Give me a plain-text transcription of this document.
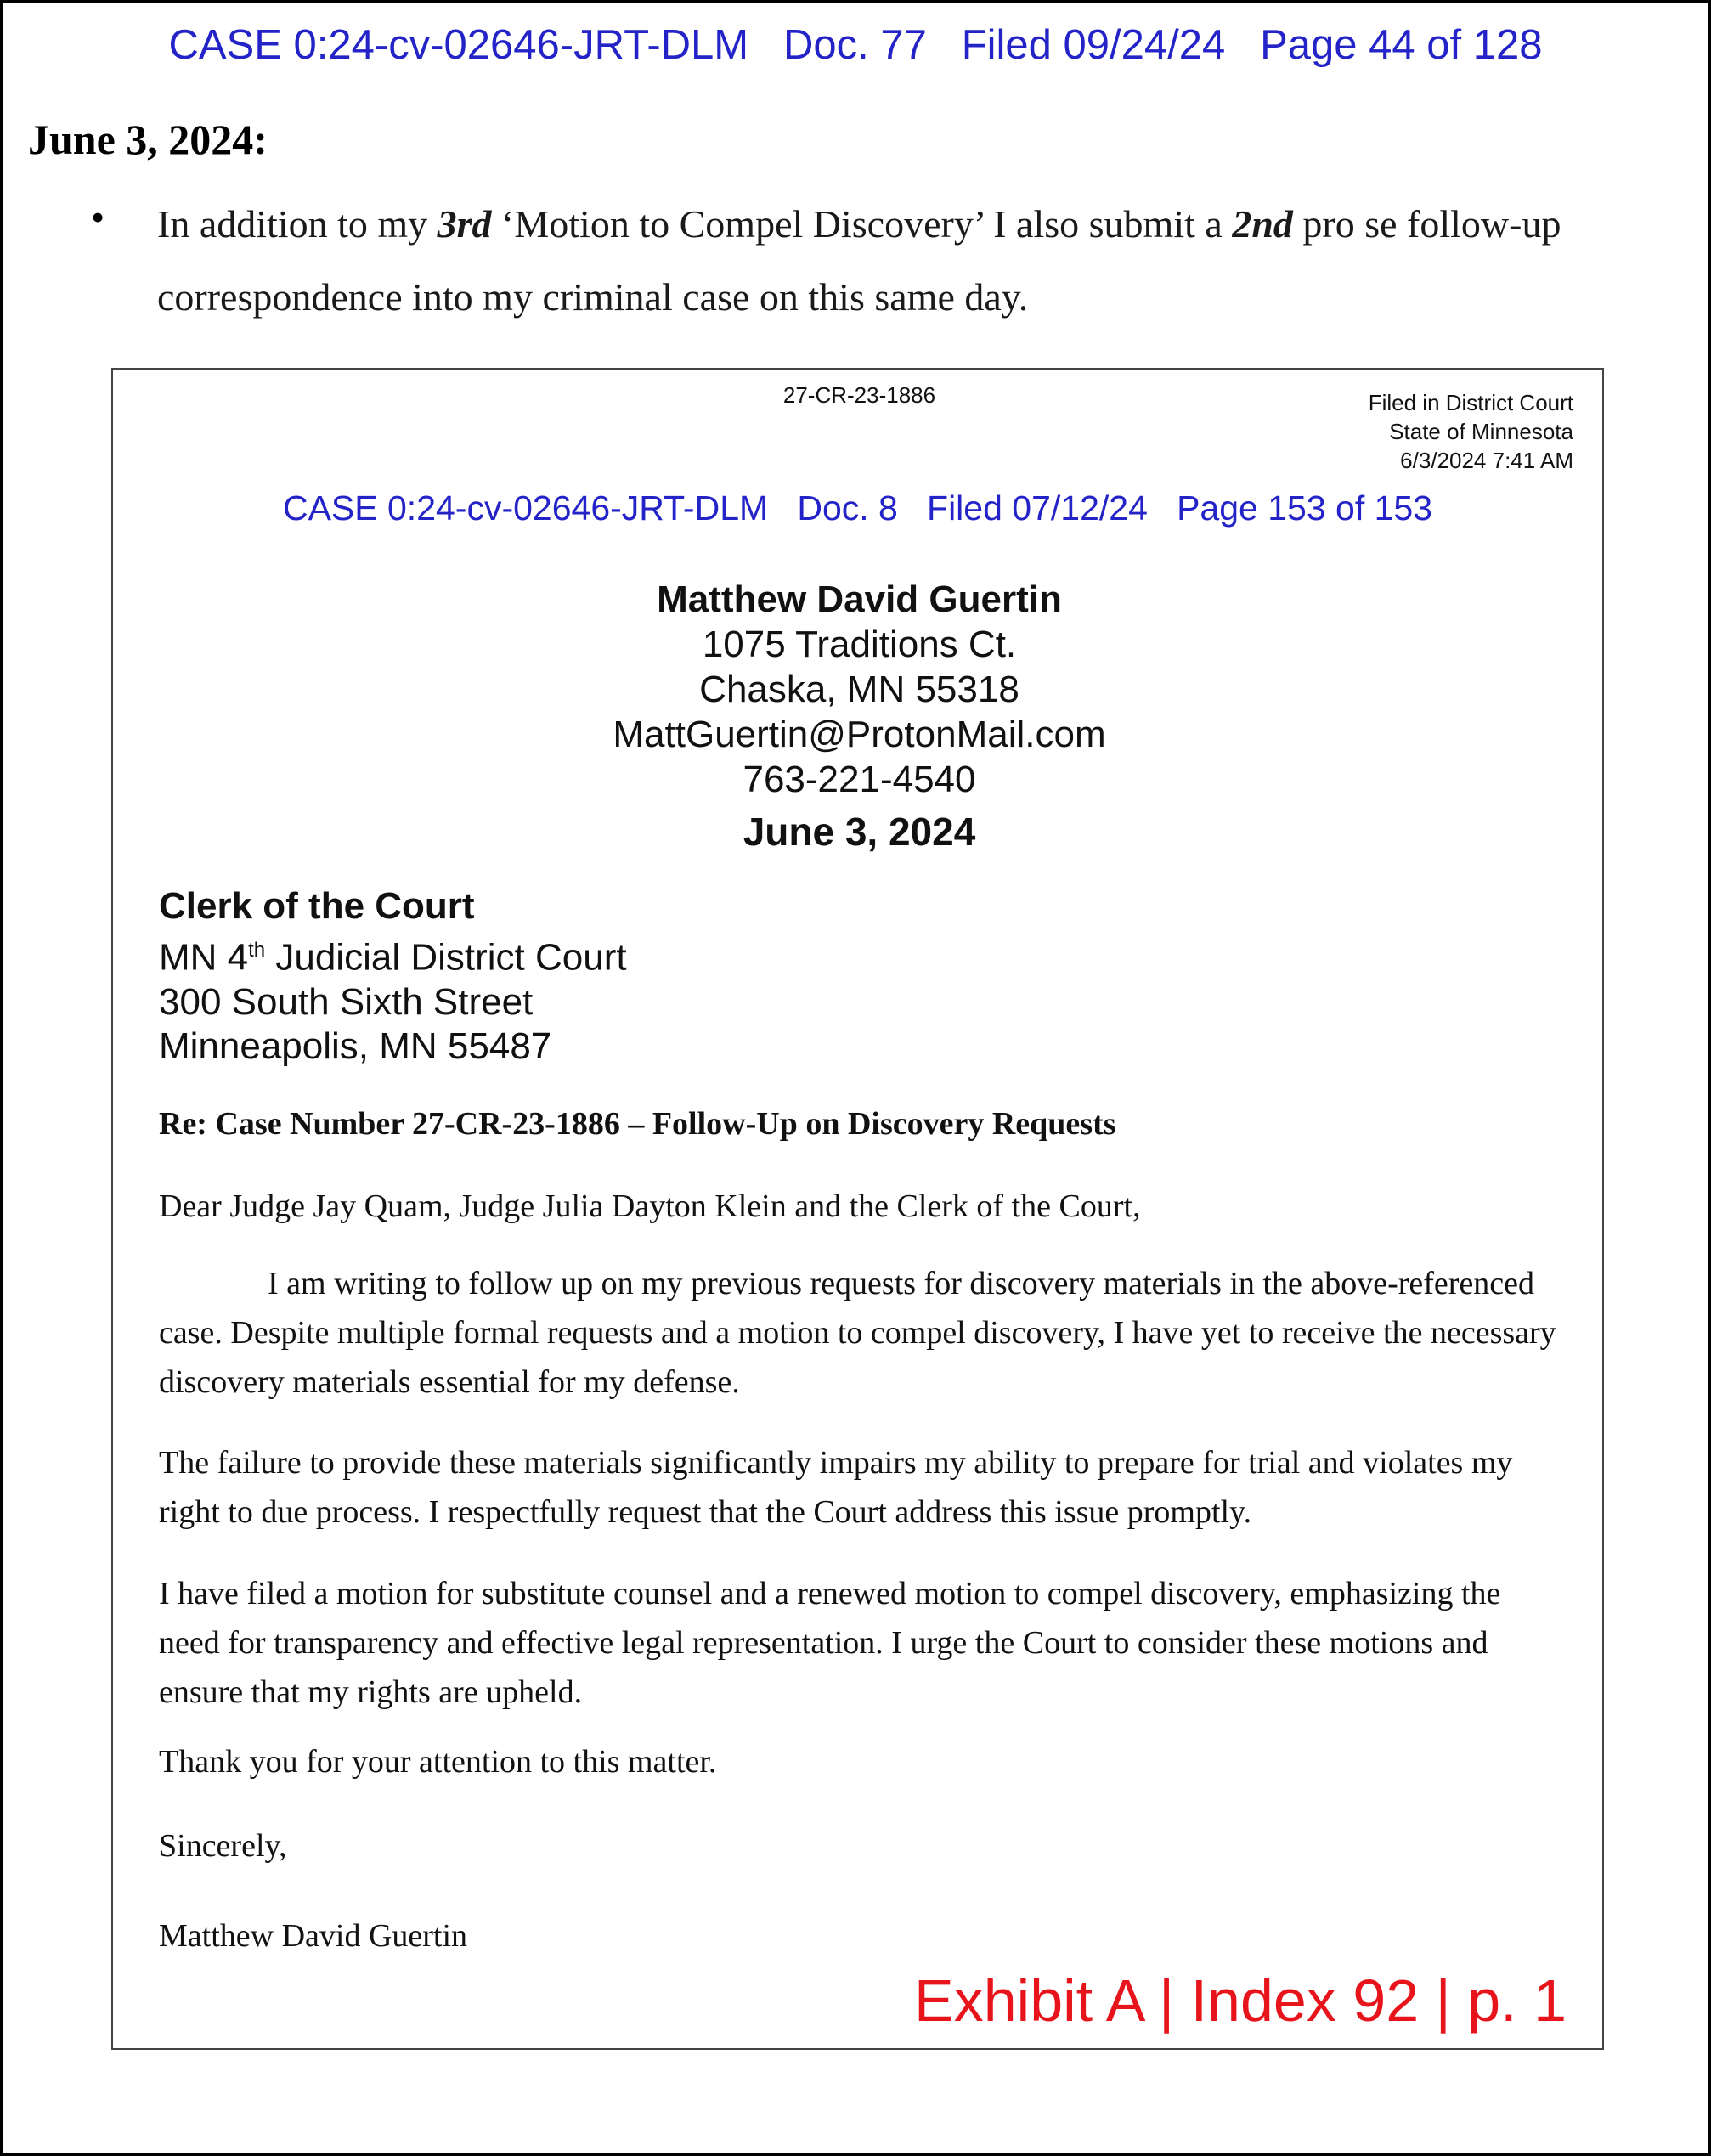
CASE 0:24-cv-02646-JRT-DLM Doc. 77 Filed 09/24/24 Page 44 of 128
June 3, 2024:
• In addition to my 3rd ‘Motion to Compel Discovery’ I also submit a 2nd pro se follow-up correspondence into my criminal case on this same day.
27-CR-23-1886	Filed in District Court
State of Minnesota
6/3/2024 7:41 AM
CASE 0:24-cv-02646-JRT-DLM Doc. 8 Filed 07/12/24 Page 153 of 153
Matthew David Guertin
1075 Traditions Ct.
Chaska, MN 55318
MattGuertin@ProtonMail.com
763-221-4540
June 3, 2024
Clerk of the Court
MN 4th Judicial District Court
300 South Sixth Street
Minneapolis, MN 55487
Re: Case Number 27-CR-23-1886 – Follow-Up on Discovery Requests
Dear Judge Jay Quam, Judge Julia Dayton Klein and the Clerk of the Court,
I am writing to follow up on my previous requests for discovery materials in the above-referenced case. Despite multiple formal requests and a motion to compel discovery, I have yet to receive the necessary discovery materials essential for my defense.
The failure to provide these materials significantly impairs my ability to prepare for trial and violates my right to due process. I respectfully request that the Court address this issue promptly.
I have filed a motion for substitute counsel and a renewed motion to compel discovery, emphasizing the need for transparency and effective legal representation. I urge the Court to consider these motions and ensure that my rights are upheld.
Thank you for your attention to this matter.
Sincerely,
Matthew David Guertin
Exhibit A | Index 92 | p. 1
